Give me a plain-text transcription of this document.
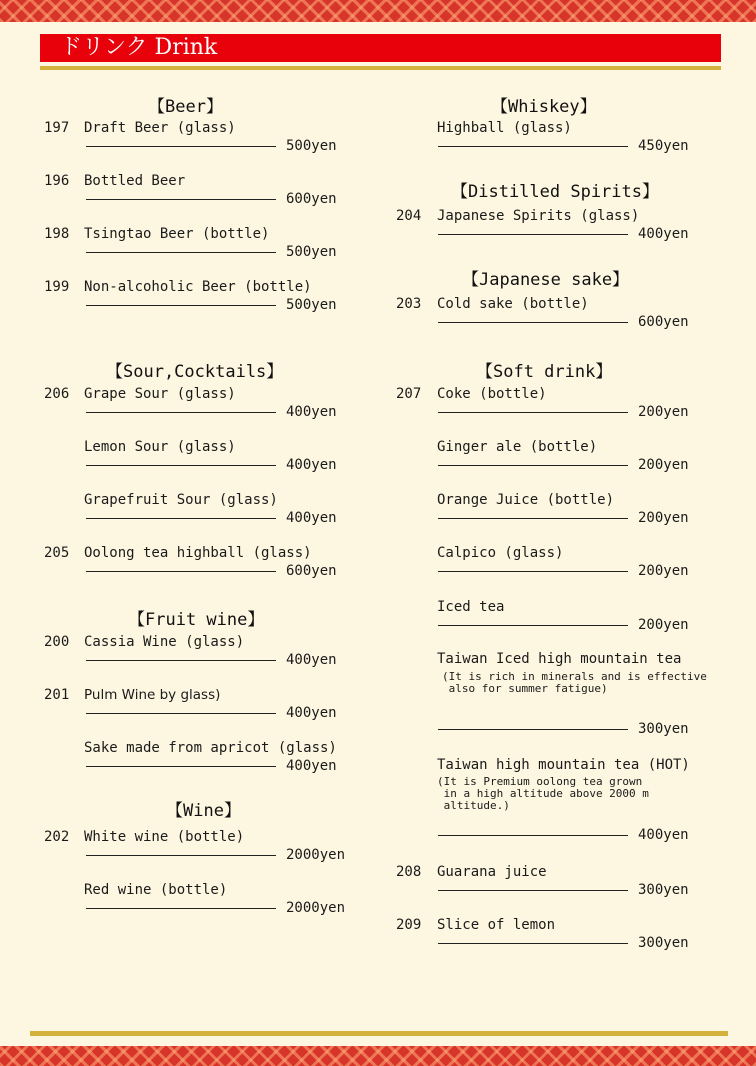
ドリンク Drink
【Beer】
【Sour,Cocktails】
【Fruit wine】
【Wine】
【Whiskey】
【Distilled Spirits】
【Japanese sake】
【Soft drink】
197 Draft Beer (glass)
500yen
196 Bottled Beer
600yen
198 Tsingtao Beer (bottle)
500yen
199 Non-alcoholic Beer (bottle)
500yen
206 Grape Sour (glass)
400yen
Lemon Sour (glass)
400yen
Grapefruit Sour (glass)
400yen
205 Oolong tea highball (glass)
600yen
200 Cassia Wine (glass)
400yen
201 Pulm Wine by glass)
400yen
Sake made from apricot (glass)
400yen
202 White wine (bottle)
2000yen
Red wine (bottle)
2000yen
Highball (glass)
450yen
204 Japanese Spirits (glass)
400yen
203 Cold sake (bottle)
600yen
207 Coke (bottle)
200yen
Ginger ale (bottle)
200yen
Orange Juice (bottle)
200yen
Calpico (glass)
200yen
Iced tea
200yen
Taiwan Iced high mountain tea
(It is rich in minerals and is effective
also for summer fatigue)
300yen
Taiwan high mountain tea (HOT)
(It is Premium oolong tea grown
in a high altitude above 2000 m
altitude.)
400yen
208 Guarana juice
300yen
209 Slice of lemon
300yen
